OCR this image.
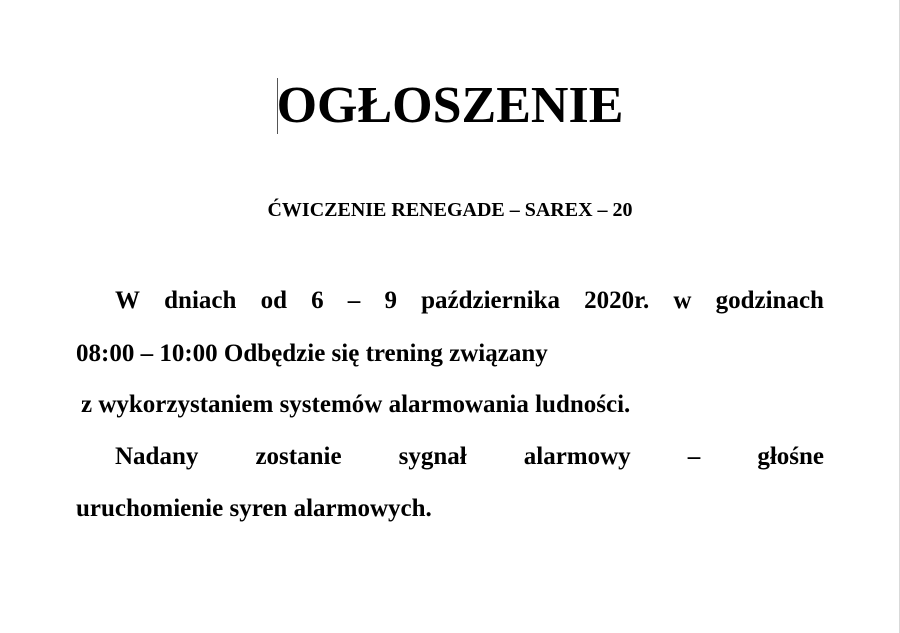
OGŁOSZENIE
ĆWICZENIE RENEGADE – SAREX – 20
W dniach od 6 – 9 października 2020r. w godzinach
08:00 – 10:00 Odbędzie się trening związany
z wykorzystaniem systemów alarmowania ludności.
Nadany zostanie sygnał alarmowy – głośne
uruchomienie syren alarmowych.
